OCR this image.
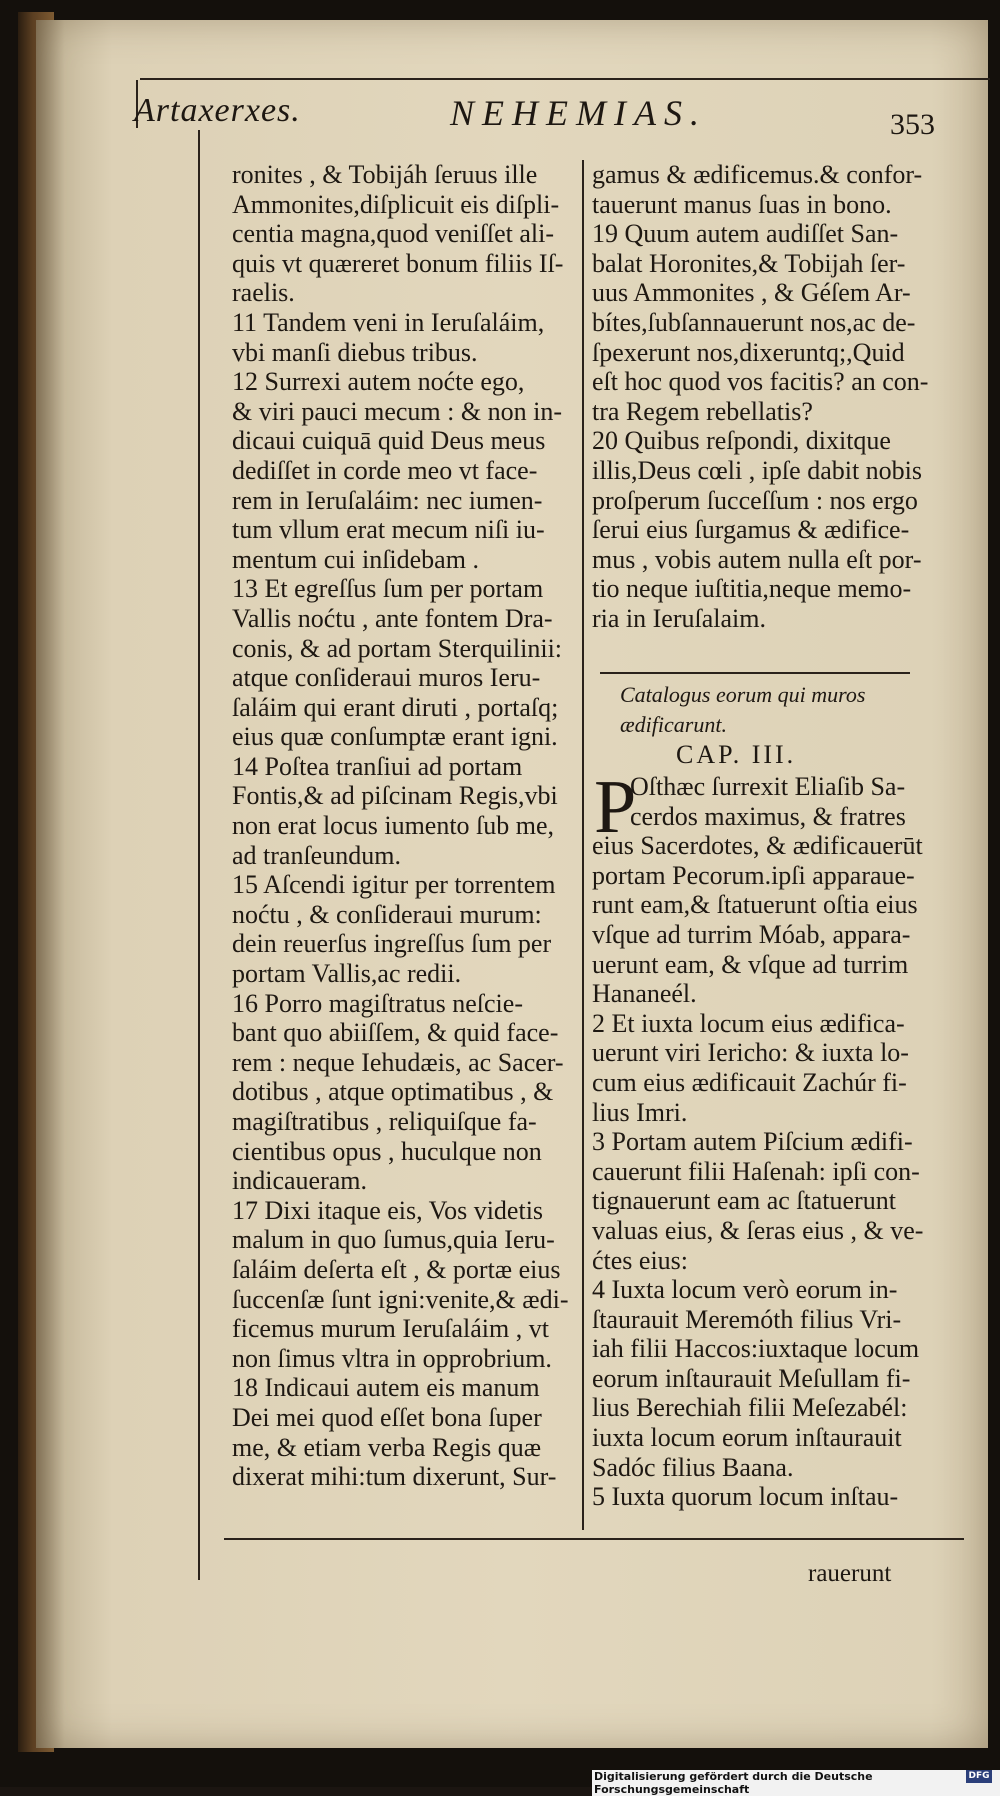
Artaxerxes.	NEHEMIAS.	353
ronites , & Tobijáh ſeruus ille
Ammonites,diſplicuit eis diſpli-
centia magna,quod veniſſet ali-
quis vt quæreret bonum filiis Iſ-
raelis.
11 Tandem veni in Ieruſaláim,
vbi manſi diebus tribus.
12 Surrexi autem noćte ego,
& viri pauci mecum : & non in-
dicaui cuiquā quid Deus meus
dediſſet in corde meo vt face-
rem in Ieruſaláim: nec iumen-
tum vllum erat mecum niſi iu-
mentum cui inſidebam .
13 Et egreſſus ſum per portam
Vallis noćtu , ante fontem Dra-
conis, & ad portam Sterquilinii:
atque conſideraui muros Ieru-
ſaláim qui erant diruti , portaſq;
eius quæ conſumptæ erant igni.
14 Poſtea tranſiui ad portam
Fontis,& ad piſcinam Regis,vbi
non erat locus iumento ſub me,
ad tranſeundum.
15 Aſcendi igitur per torrentem
noćtu , & conſideraui murum:
dein reuerſus ingreſſus ſum per
portam Vallis,ac redii.
16 Porro magiſtratus neſcie-
bant quo abiiſſem, & quid face-
rem : neque Iehudæis, ac Sacer-
dotibus , atque optimatibus , &
magiſtratibus , reliquiſque fa-
cientibus opus , huculque non
indicaueram.
17 Dixi itaque eis, Vos videtis
malum in quo ſumus,quia Ieru-
ſaláim deſerta eſt , & portæ eius
ſuccenſæ ſunt igni:venite,& ædi-
ficemus murum Ieruſaláim , vt
non ſimus vltra in opprobrium.
18 Indicaui autem eis manum
Dei mei quod eſſet bona ſuper
me, & etiam verba Regis quæ
dixerat mihi:tum dixerunt, Sur-
gamus & ædificemus.& confor-
tauerunt manus ſuas in bono.
19 Quum autem audiſſet San-
balat Horonites,& Tobijah ſer-
uus Ammonites , & Géſem Ar-
bítes,ſubſannauerunt nos,ac de-
ſpexerunt nos,dixeruntq;,Quid
eſt hoc quod vos facitis? an con-
tra Regem rebellatis?
20 Quibus reſpondi, dixitque
illis,Deus cœli , ipſe dabit nobis
proſperum ſucceſſum : nos ergo
ſerui eius ſurgamus & ædifice-
mus , vobis autem nulla eſt por-
tio neque iuſtitia,neque memo-
ria in Ieruſalaim.
Catalogus eorum qui muros ædificarunt.
CAP. III.
P
Oſthæc ſurrexit Eliaſib Sa-
cerdos maximus, & fratres
eius Sacerdotes, & ædificauerūt
portam Pecorum.ipſi apparaue-
runt eam,& ſtatuerunt oſtia eius
vſque ad turrim Móab, appara-
uerunt eam, & vſque ad turrim
Hananeél.
2 Et iuxta locum eius ædifica-
uerunt viri Iericho: & iuxta lo-
cum eius ædificauit Zachúr fi-
lius Imri.
3 Portam autem Piſcium ædifi-
cauerunt filii Haſenah: ipſi con-
tignauerunt eam ac ſtatuerunt
valuas eius, & ſeras eius , & ve-
ćtes eius:
4 Iuxta locum verò eorum in-
ſtaurauit Meremóth filius Vri-
iah filii Haccos:iuxtaque locum
eorum inſtaurauit Meſullam fi-
lius Berechiah filii Meſezabél:
iuxta locum eorum inſtaurauit
Sadóc filius Baana.
5 Iuxta quorum locum inſtau-
rauerunt
Digitalisierung gefördert durch die Deutsche Forschungsgemeinschaft
DFG
